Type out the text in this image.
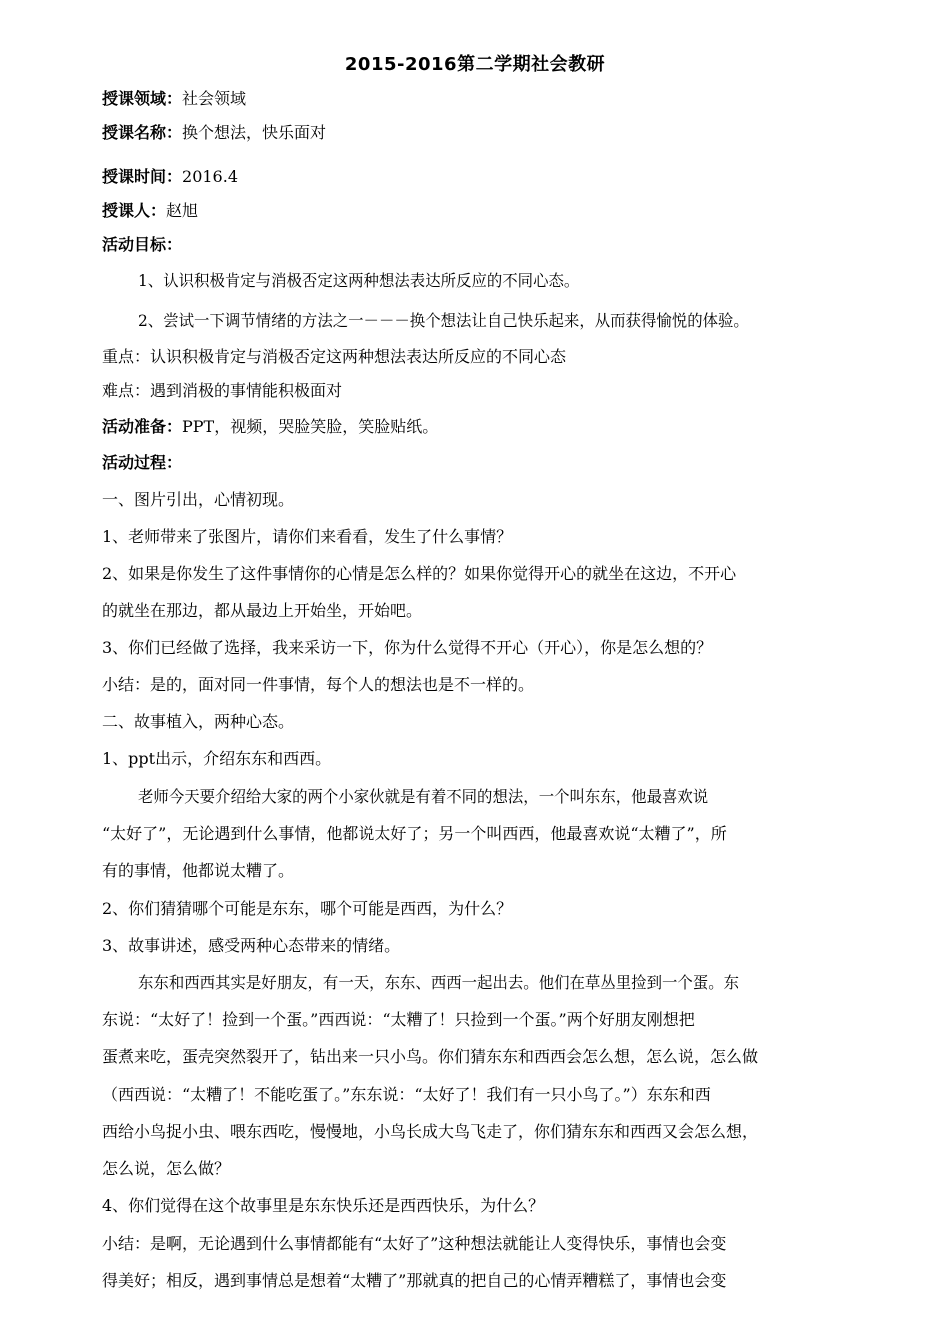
2015-2016第二学期社会教研
授课领域：社会领域
授课名称：换个想法，快乐面对
授课时间：2016.4
授课人：赵旭
活动目标：
1、认识积极肯定与消极否定这两种想法表达所反应的不同心态。
2、尝试一下调节情绪的方法之一－－－换个想法让自己快乐起来，从而获得愉悦的体验。
重点：认识积极肯定与消极否定这两种想法表达所反应的不同心态
难点：遇到消极的事情能积极面对
活动准备：PPT，视频，哭脸笑脸，笑脸贴纸。
活动过程：
一、图片引出，心情初现。
1、老师带来了张图片，请你们来看看，发生了什么事情？
2、如果是你发生了这件事情你的心情是怎么样的？如果你觉得开心的就坐在这边，不开心
的就坐在那边，都从最边上开始坐，开始吧。
3、你们已经做了选择，我来采访一下，你为什么觉得不开心（开心），你是怎么想的？
小结：是的，面对同一件事情，每个人的想法也是不一样的。
二、故事植入，两种心态。
1、ppt出示，介绍东东和西西。
老师今天要介绍给大家的两个小家伙就是有着不同的想法，一个叫东东，他最喜欢说
“太好了”，无论遇到什么事情，他都说太好了；另一个叫西西，他最喜欢说“太糟了”，所
有的事情，他都说太糟了。
2、你们猜猜哪个可能是东东，哪个可能是西西，为什么？
3、故事讲述，感受两种心态带来的情绪。
东东和西西其实是好朋友，有一天，东东、西西一起出去。他们在草丛里捡到一个蛋。东
东说：“太好了！捡到一个蛋。”西西说：“太糟了！只捡到一个蛋。”两个好朋友刚想把
蛋煮来吃，蛋壳突然裂开了，钻出来一只小鸟。你们猜东东和西西会怎么想，怎么说，怎么做
（西西说：“太糟了！不能吃蛋了。”东东说：“太好了！我们有一只小鸟了。”）东东和西
西给小鸟捉小虫、喂东西吃，慢慢地，小鸟长成大鸟飞走了，你们猜东东和西西又会怎么想，
怎么说，怎么做？
4、你们觉得在这个故事里是东东快乐还是西西快乐，为什么？
小结：是啊，无论遇到什么事情都能有“太好了”这种想法就能让人变得快乐，事情也会变
得美好；相反，遇到事情总是想着“太糟了”那就真的把自己的心情弄糟糕了，事情也会变
